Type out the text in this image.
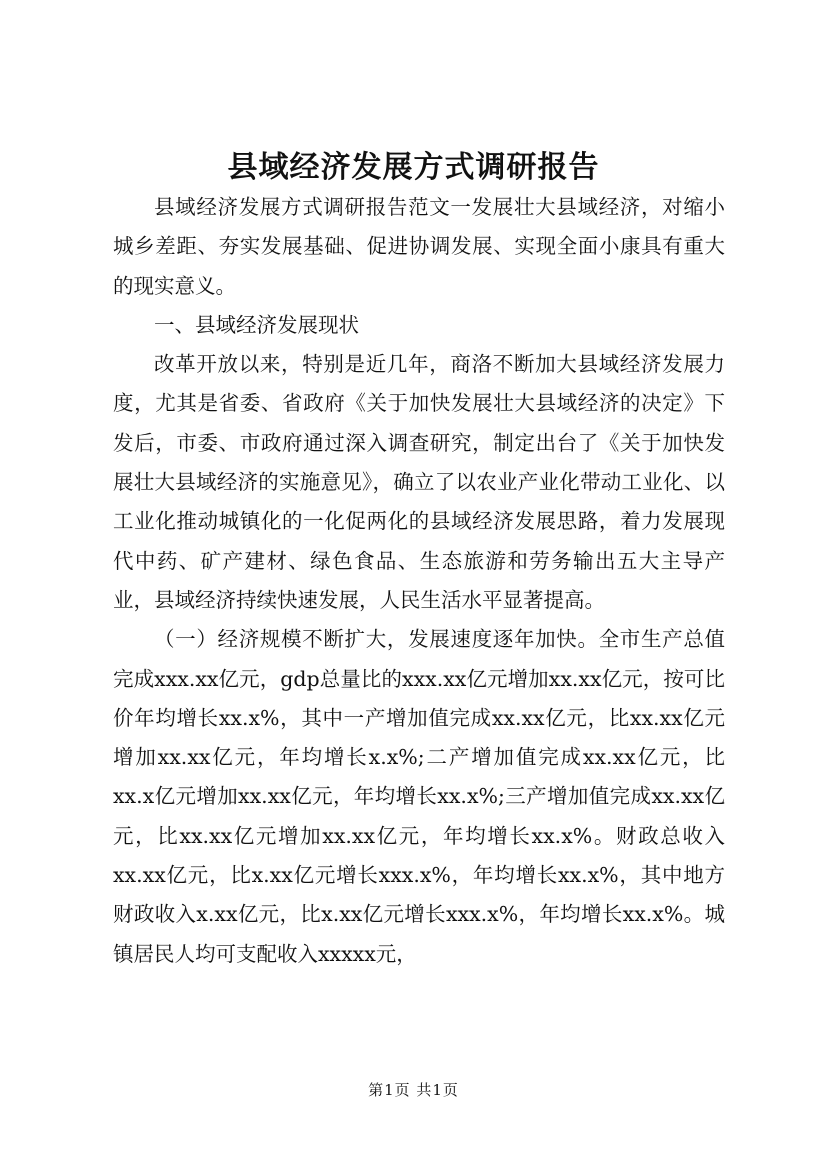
县域经济发展方式调研报告

县域经济发展方式调研报告范文一发展壮大县域经济，对缩小城乡差距、夯实发展基础、促进协调发展、实现全面小康具有重大的现实意义。

一、县域经济发展现状

改革开放以来，特别是近几年，商洛不断加大县域经济发展力度，尤其是省委、省政府《关于加快发展壮大县域经济的决定》下发后，市委、市政府通过深入调查研究，制定出台了《关于加快发展壮大县域经济的实施意见》，确立了以农业产业化带动工业化、以工业化推动城镇化的一化促两化的县域经济发展思路，着力发展现代中药、矿产建材、绿色食品、生态旅游和劳务输出五大主导产业，县域经济持续快速发展，人民生活水平显著提高。

（一）经济规模不断扩大，发展速度逐年加快。全市生产总值完成xxx.xx亿元，gdp总量比的xxx.xx亿元增加xx.xx亿元，按可比价年均增长xx.x%，其中一产增加值完成xx.xx亿元，比xx.xx亿元增加xx.xx亿元，年均增长x.x%;二产增加值完成xx.xx亿元，比xx.x亿元增加xx.xx亿元，年均增长xx.x%;三产增加值完成xx.xx亿元，比xx.xx亿元增加xx.xx亿元，年均增长xx.x%。财政总收入xx.xx亿元，比x.xx亿元增长xxx.x%，年均增长xx.x%，其中地方财政收入x.xx亿元，比x.xx亿元增长xxx.x%，年均增长xx.x%。城镇居民人均可支配收入xxxxx元，

第1页 共1页
